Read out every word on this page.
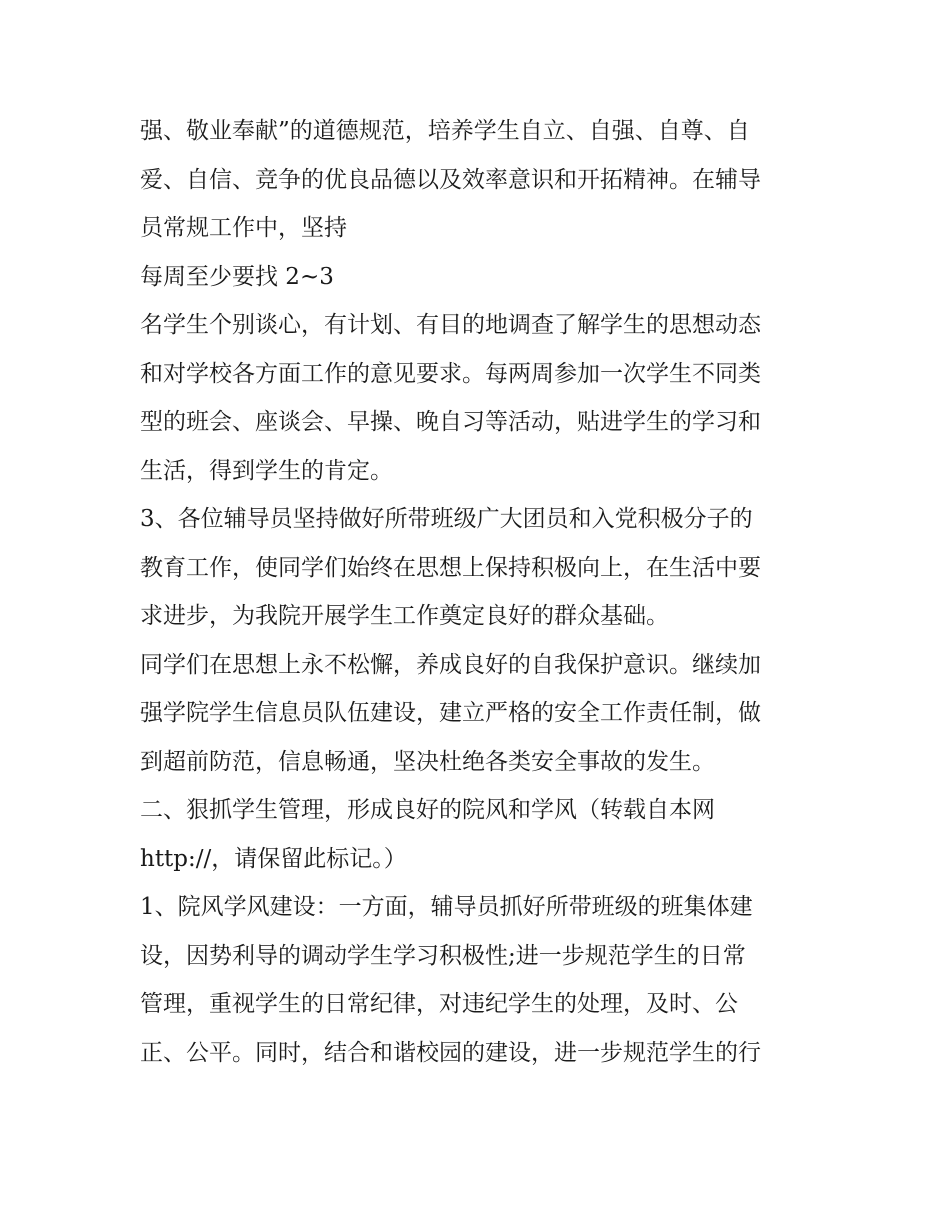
强、敬业奉献”的道德规范，培养学生自立、自强、自尊、自
爱、自信、竞争的优良品德以及效率意识和开拓精神。在辅导
员常规工作中，坚持
每周至少要找 2~3
名学生个别谈心，有计划、有目的地调查了解学生的思想动态
和对学校各方面工作的意见要求。每两周参加一次学生不同类
型的班会、座谈会、早操、晚自习等活动，贴进学生的学习和
生活，得到学生的肯定。
3、各位辅导员坚持做好所带班级广大团员和入党积极分子的
教育工作，使同学们始终在思想上保持积极向上，在生活中要
求进步，为我院开展学生工作奠定良好的群众基础。
同学们在思想上永不松懈，养成良好的自我保护意识。继续加
强学院学生信息员队伍建设，建立严格的安全工作责任制，做
到超前防范，信息畅通，坚决杜绝各类安全事故的发生。
二、狠抓学生管理，形成良好的院风和学风（转载自本网
http://，请保留此标记。）
1、院风学风建设：一方面，辅导员抓好所带班级的班集体建
设，因势利导的调动学生学习积极性;进一步规范学生的日常
管理，重视学生的日常纪律，对违纪学生的处理，及时、公
正、公平。同时，结合和谐校园的建设，进一步规范学生的行
